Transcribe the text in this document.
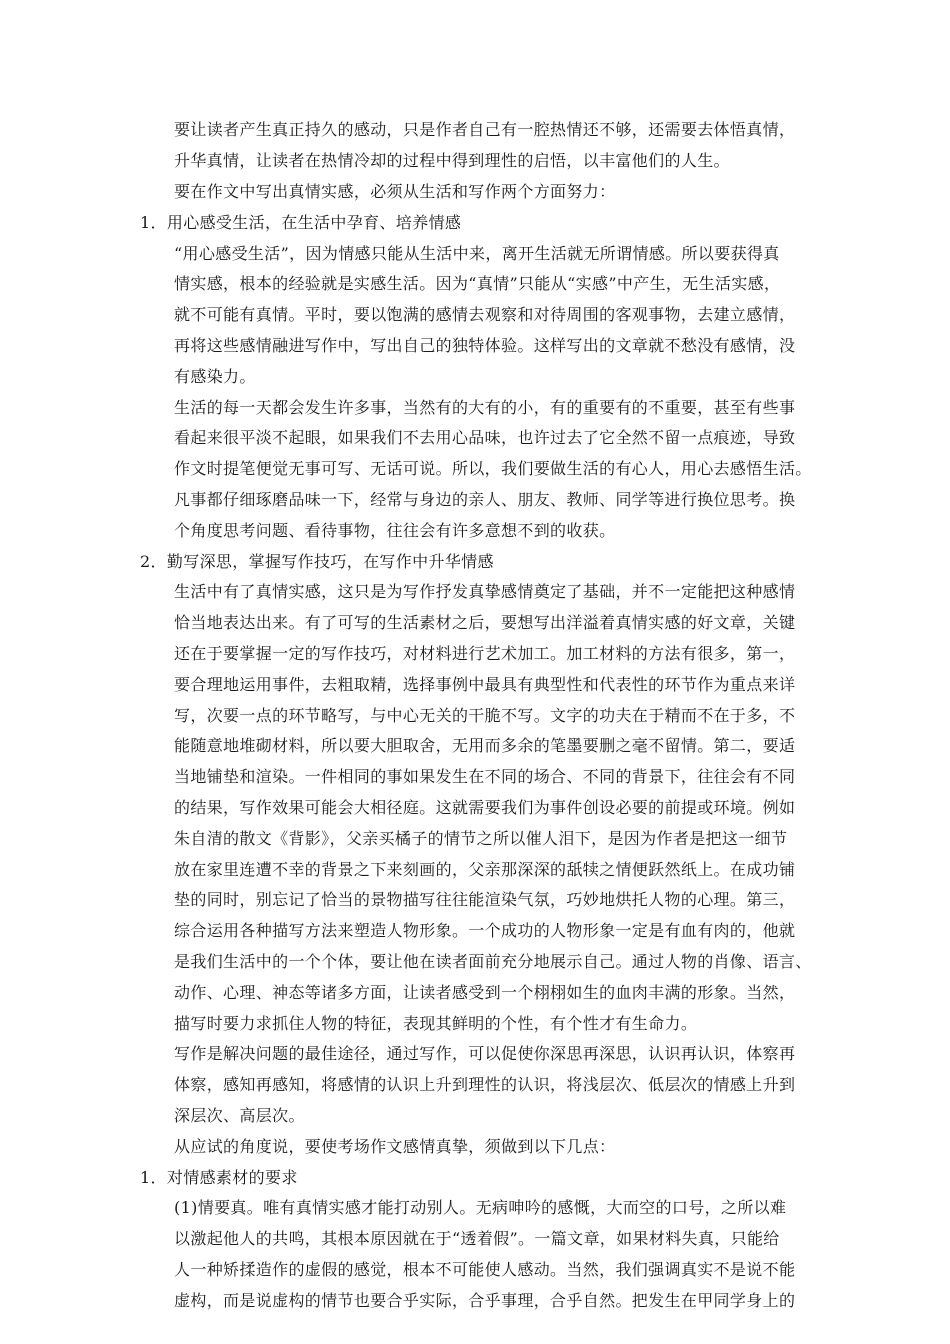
要让读者产生真正持久的感动，只是作者自己有一腔热情还不够，还需要去体悟真情，
升华真情，让读者在热情冷却的过程中得到理性的启悟，以丰富他们的人生。
要在作文中写出真情实感，必须从生活和写作两个方面努力：
1．用心感受生活，在生活中孕育、培养情感
“用心感受生活”，因为情感只能从生活中来，离开生活就无所谓情感。所以要获得真
情实感，根本的经验就是实感生活。因为“真情”只能从“实感”中产生，无生活实感，
就不可能有真情。平时，要以饱满的感情去观察和对待周围的客观事物，去建立感情，
再将这些感情融进写作中，写出自己的独特体验。这样写出的文章就不愁没有感情，没
有感染力。
生活的每一天都会发生许多事，当然有的大有的小，有的重要有的不重要，甚至有些事
看起来很平淡不起眼，如果我们不去用心品味，也许过去了它全然不留一点痕迹，导致
作文时提笔便觉无事可写、无话可说。所以，我们要做生活的有心人，用心去感悟生活。
凡事都仔细琢磨品味一下，经常与身边的亲人、朋友、教师、同学等进行换位思考。换
个角度思考问题、看待事物，往往会有许多意想不到的收获。
2．勤写深思，掌握写作技巧，在写作中升华情感
生活中有了真情实感，这只是为写作抒发真挚感情奠定了基础，并不一定能把这种感情
恰当地表达出来。有了可写的生活素材之后，要想写出洋溢着真情实感的好文章，关键
还在于要掌握一定的写作技巧，对材料进行艺术加工。加工材料的方法有很多，第一，
要合理地运用事件，去粗取精，选择事例中最具有典型性和代表性的环节作为重点来详
写，次要一点的环节略写，与中心无关的干脆不写。文字的功夫在于精而不在于多，不
能随意地堆砌材料，所以要大胆取舍，无用而多余的笔墨要删之毫不留情。第二，要适
当地铺垫和渲染。一件相同的事如果发生在不同的场合、不同的背景下，往往会有不同
的结果，写作效果可能会大相径庭。这就需要我们为事件创设必要的前提或环境。例如
朱自清的散文《背影》，父亲买橘子的情节之所以催人泪下，是因为作者是把这一细节
放在家里连遭不幸的背景之下来刻画的，父亲那深深的舐犊之情便跃然纸上。在成功铺
垫的同时，别忘记了恰当的景物描写往往能渲染气氛，巧妙地烘托人物的心理。第三，
综合运用各种描写方法来塑造人物形象。一个成功的人物形象一定是有血有肉的，他就
是我们生活中的一个个体，要让他在读者面前充分地展示自己。通过人物的肖像、语言、
动作、心理、神态等诸多方面，让读者感受到一个栩栩如生的血肉丰满的形象。当然，
描写时要力求抓住人物的特征，表现其鲜明的个性，有个性才有生命力。
写作是解决问题的最佳途径，通过写作，可以促使你深思再深思，认识再认识，体察再
体察，感知再感知，将感情的认识上升到理性的认识，将浅层次、低层次的情感上升到
深层次、高层次。
从应试的角度说，要使考场作文感情真挚，须做到以下几点：
1．对情感素材的要求
(1)情要真。唯有真情实感才能打动别人。无病呻吟的感慨，大而空的口号，之所以难
以激起他人的共鸣，其根本原因就在于“透着假”。一篇文章，如果材料失真，只能给
人一种矫揉造作的虚假的感觉，根本不可能使人感动。当然，我们强调真实不是说不能
虚构，而是说虚构的情节也要合乎实际，合乎事理，合乎自然。把发生在甲同学身上的
